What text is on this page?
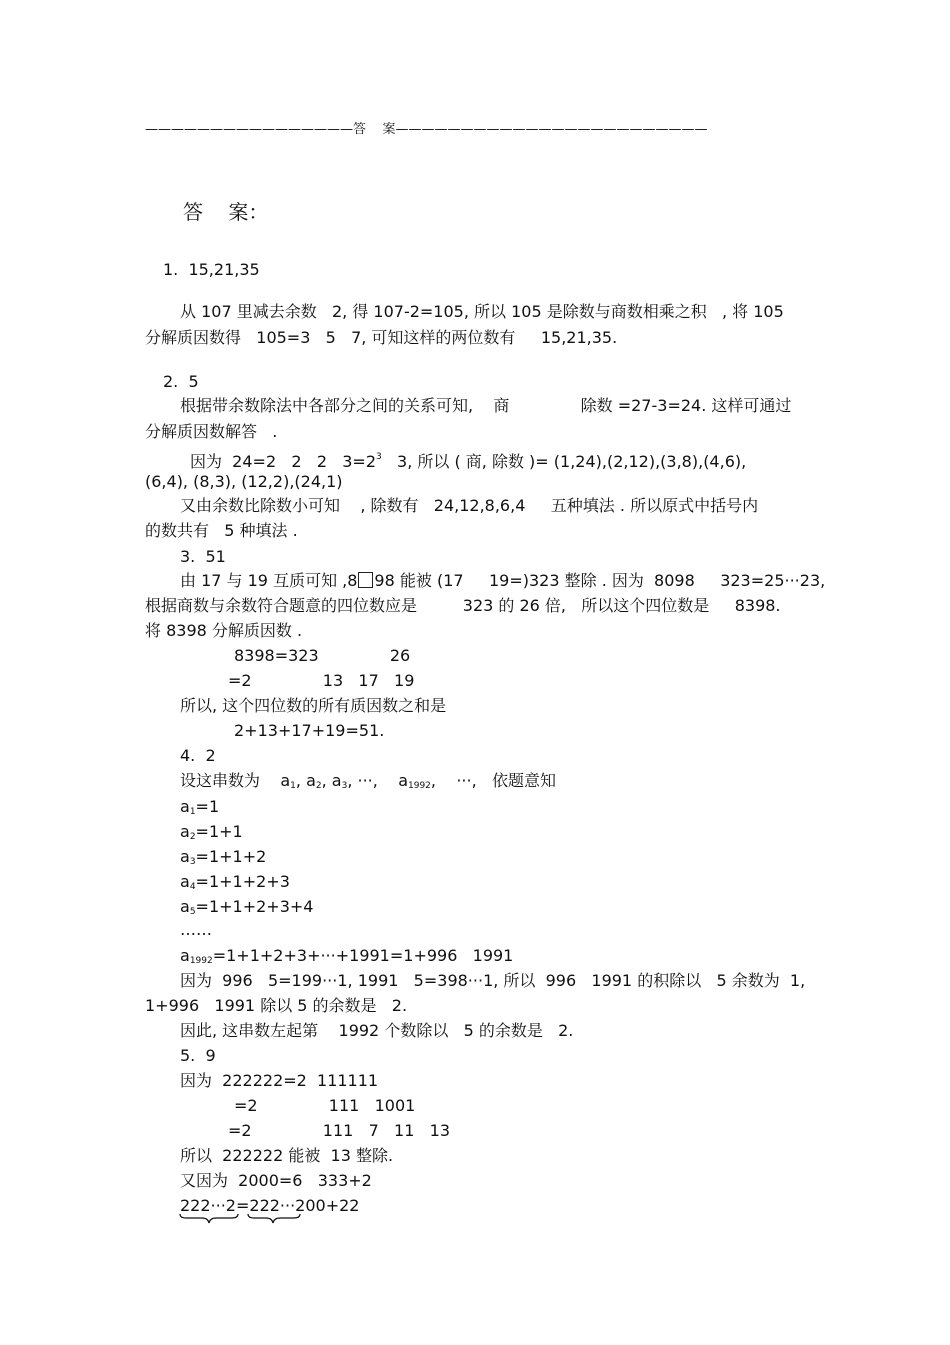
————————————————答    案————————————————————————
答    案：
1.  15,21,35
从 107 里减去余数   2, 得 107-2=105, 所以 105 是除数与商数相乘之积   , 将 105
分解质因数得   105=3   5   7, 可知这样的两位数有     15,21,35.
2.  5
根据带余数除法中各部分之间的关系可知,    商              除数 =27-3=24. 这样可通过
分解质因数解答   .
因为  24=2   2   2   $3=2^3$   3, 所以 ( 商, 除数 )= (1,24),(2,12),(3,8),(4,6),
(6,4), (8,3), (12,2),(24,1)
又由余数比除数小可知    , 除数有   24,12,8,6,4     五种填法 . 所以原式中括号内
的数共有   5 种填法 .
3.  51
由 17 与 19 互质可知 ,8 98 能被 (17     19=)323 整除 . 因为  8098     323=25···23,
根据商数与余数符合题意的四位数应是         323 的 26 倍,   所以这个四位数是     8398.
将 8398 分解质因数 .
8398=323              26
=2              13   17   19
所以, 这个四位数的所有质因数之和是
2+13+17+19=51.
4.  2
设这串数为    $a_1$, $a_2$, $a_3$, ···,    $a_{1992}$,    ···,   依题意知
$a_1=1$
$a_2=1+1$
$a_3=1+1+2$
$a_4=1+1+2+3$
$a_5=1+1+2+3+4$
……
$a_{1992}=1+1+2+3+\cdot\cdot\cdot+1991=1+996$   1991
因为  996   5=199···1, 1991   5=398···1, 所以  996   1991 的积除以   5 余数为  1,
1+996   1991 除以 5 的余数是   2.
因此, 这串数左起第    1992 个数除以   5 的余数是   2.
5.  9
因为  222222=2  111111
=2              111   1001
=2              111   7   11   13
所以  222222 能被  13 整除.
又因为  2000=6   333+2
222···2=222···200+22
